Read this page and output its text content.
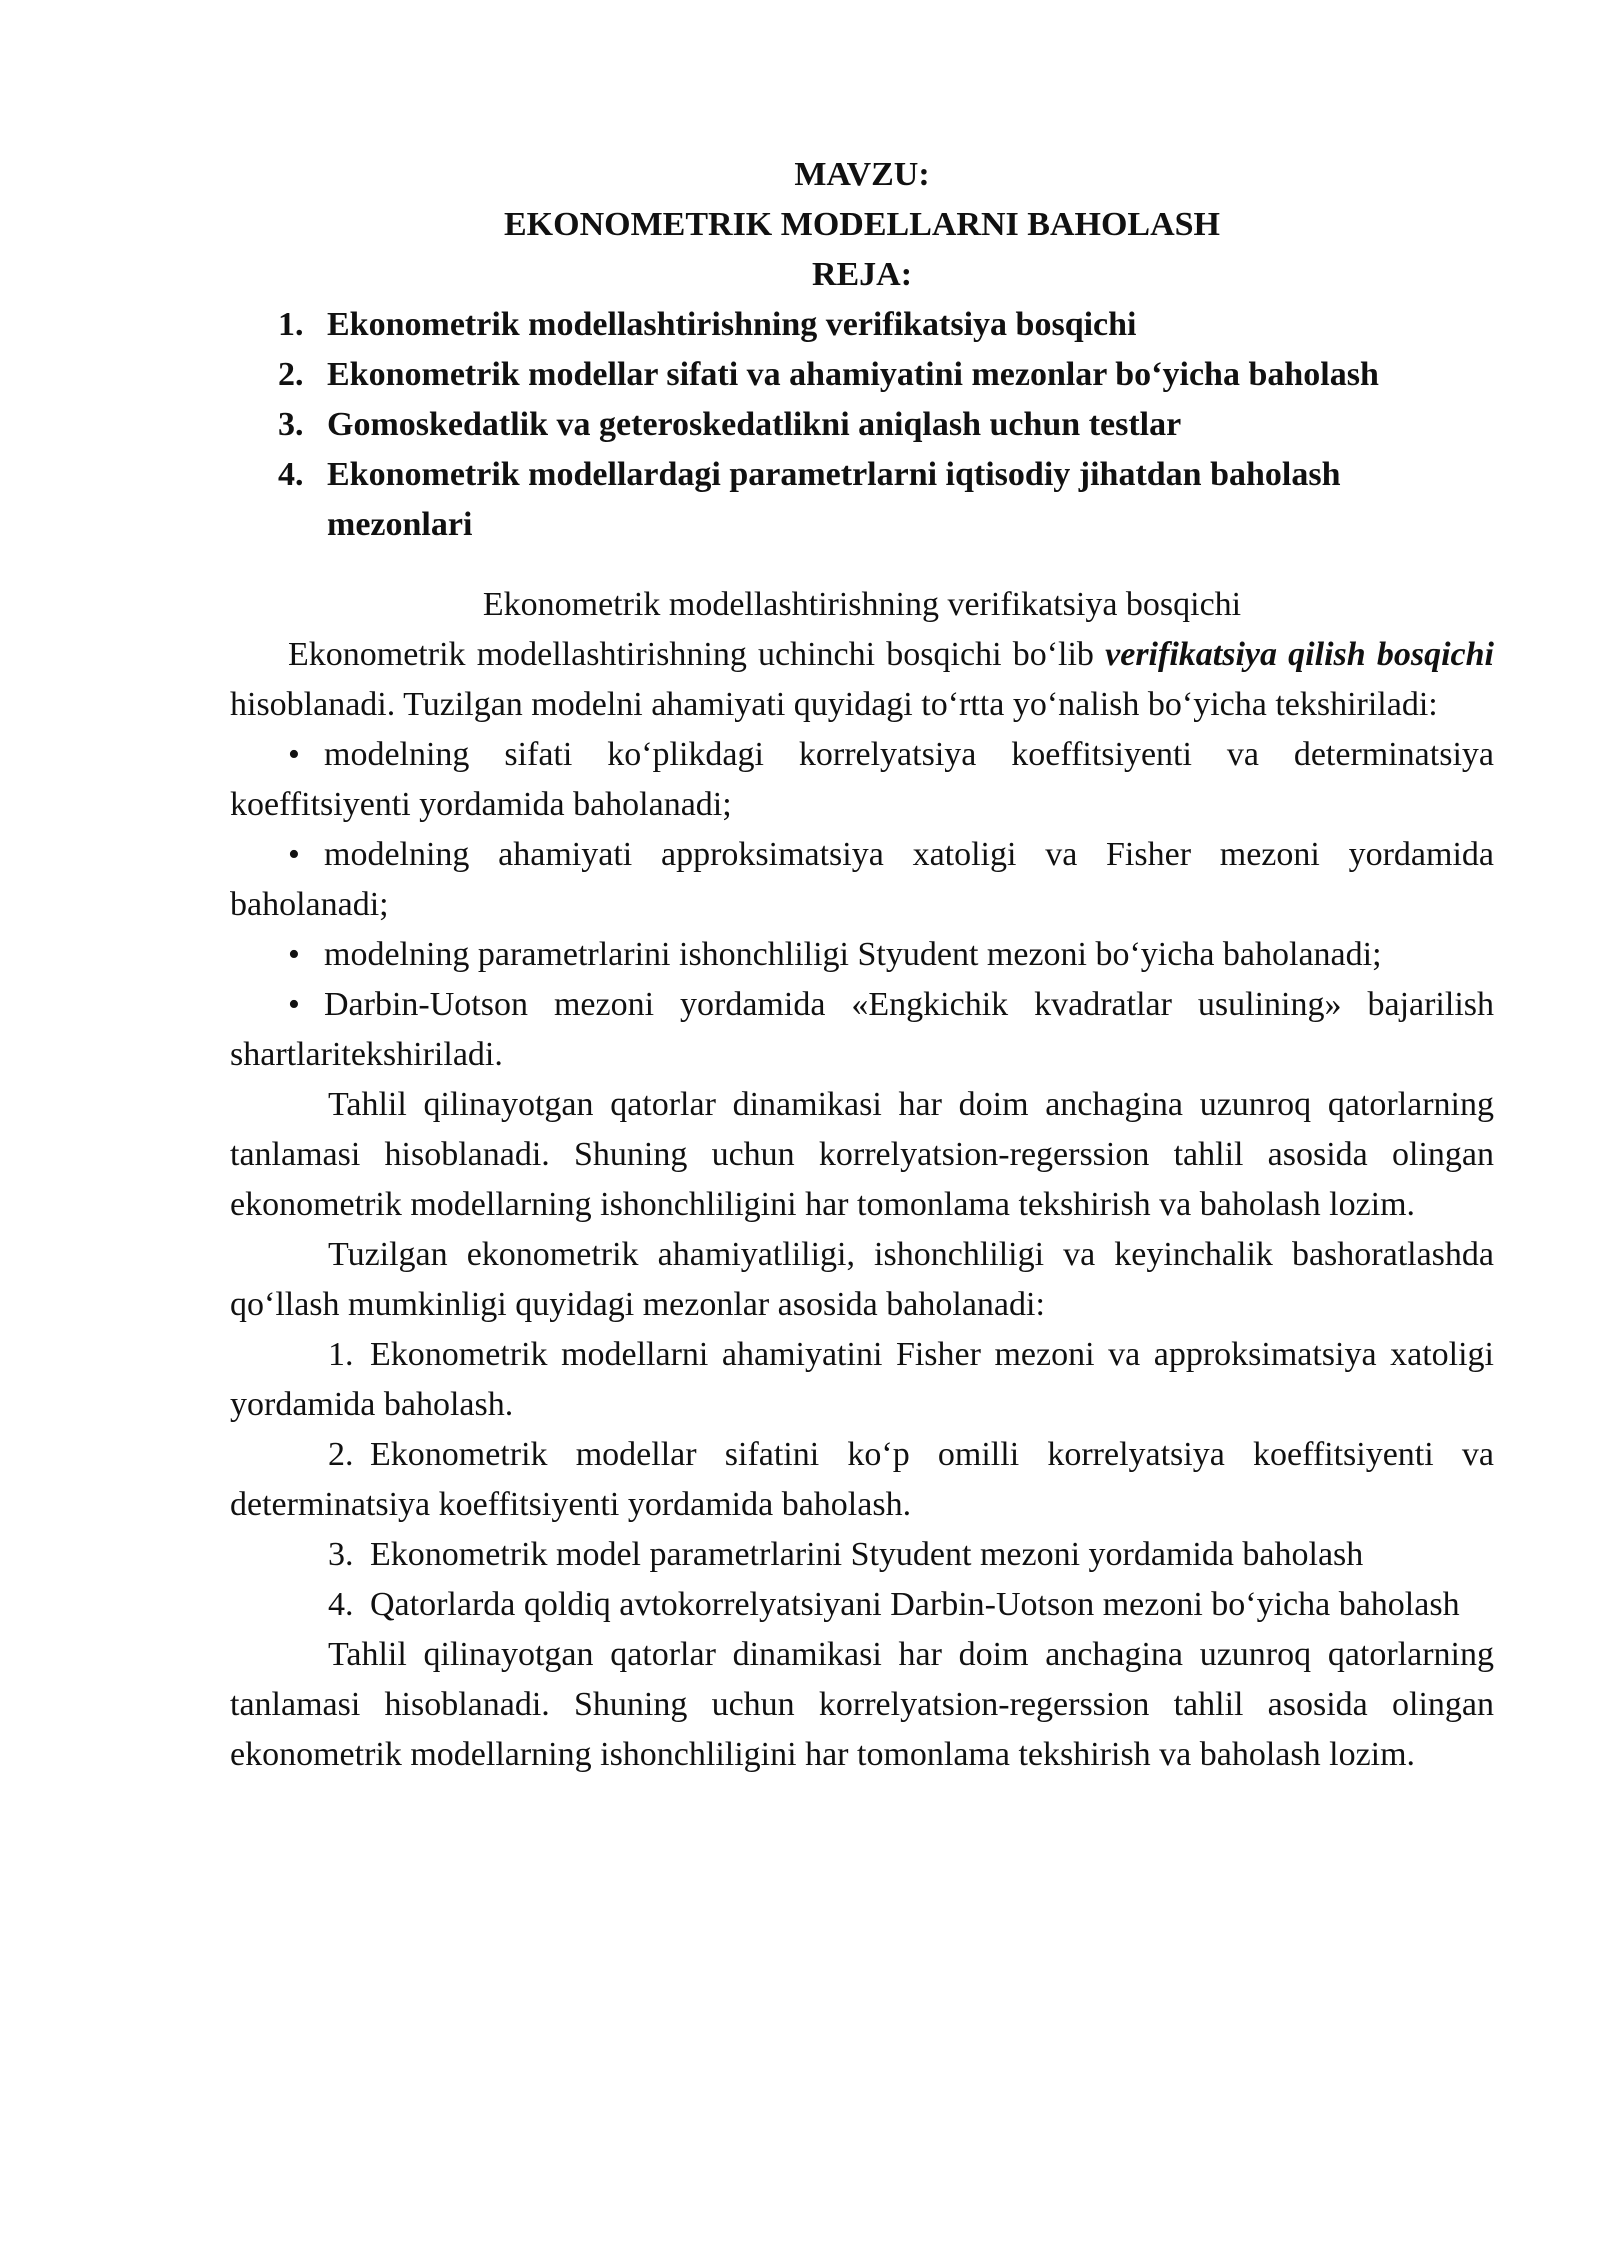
MAVZU:
EKONOMETRIK MODELLARNI BAHOLASH
REJA:
1. Ekonometrik modellashtirishning verifikatsiya bosqichi
2. Ekonometrik modellar sifati va ahamiyatini mezonlar bo‘yicha baholash
3. Gomoskedatlik va geteroskedatlikni aniqlash uchun testlar
4. Ekonometrik modellardagi parametrlarni iqtisodiy jihatdan baholash mezonlari
Ekonometrik modellashtirishning verifikatsiya bosqichi
Ekonometrik modellashtirishning uchinchi bosqichi bo‘lib verifikatsiya qilish bosqichi hisoblanadi. Tuzilgan modelni ahamiyati quyidagi to‘rtta yo‘nalish bo‘yicha tekshiriladi:
• modelning sifati ko‘plikdagi korrelyatsiya koeffitsiyenti va determinatsiya koeffitsiyenti yordamida baholanadi;
• modelning ahamiyati approksimatsiya xatoligi va Fisher mezoni yordamida baholanadi;
• modelning parametrlarini ishonchliligi Styudent mezoni bo‘yicha baholanadi;
• Darbin-Uotson mezoni yordamida «Engkichik kvadratlar usulining» bajarilish shartlaritekshiriladi.
Tahlil qilinayotgan qatorlar dinamikasi har doim anchagina uzunroq qatorlarning tanlamasi hisoblanadi. Shuning uchun korrelyatsion-regerssion tahlil asosida olingan ekonometrik modellarning ishonchliligini har tomonlama tekshirish va baholash lozim.
Tuzilgan ekonometrik ahamiyatliligi, ishonchliligi va keyinchalik bashoratlashda qo‘llash mumkinligi quyidagi mezonlar asosida baholanadi:
1. Ekonometrik modellarni ahamiyatini Fisher mezoni va approksimatsiya xatoligi yordamida baholash.
2. Ekonometrik modellar sifatini ko‘p omilli korrelyatsiya koeffitsiyenti va determinatsiya koeffitsiyenti yordamida baholash.
3. Ekonometrik model parametrlarini Styudent mezoni yordamida baholash
4. Qatorlarda qoldiq avtokorrelyatsiyani Darbin-Uotson mezoni bo‘yicha baholash
Tahlil qilinayotgan qatorlar dinamikasi har doim anchagina uzunroq qatorlarning tanlamasi hisoblanadi. Shuning uchun korrelyatsion-regerssion tahlil asosida olingan ekonometrik modellarning ishonchliligini har tomonlama tekshirish va baholash lozim.
